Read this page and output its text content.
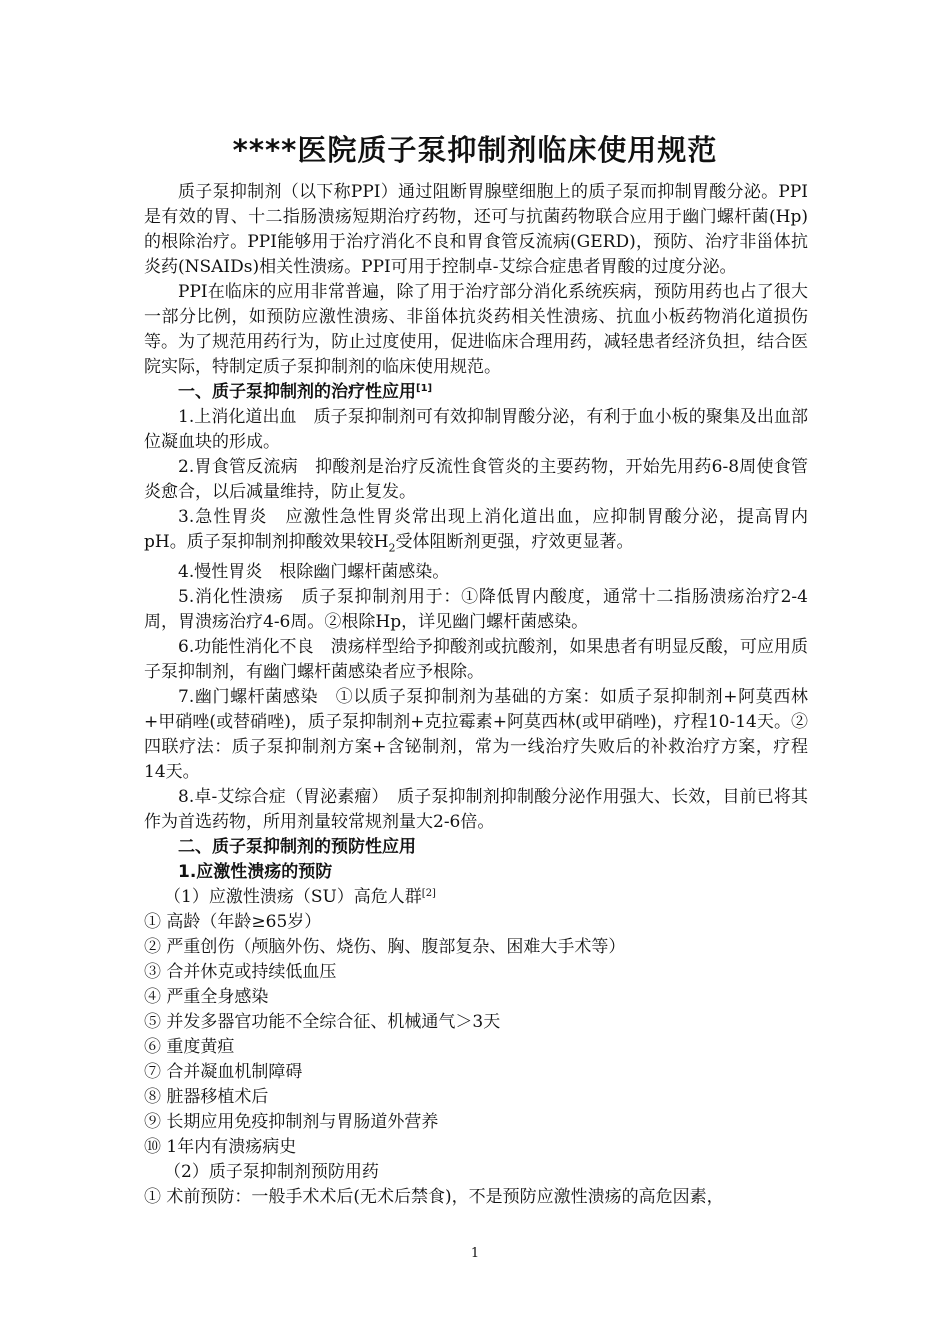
****医院质子泵抑制剂临床使用规范

质子泵抑制剂（以下称PPI）通过阻断胃腺壁细胞上的质子泵而抑制胃酸分泌。PPI是有效的胃、十二指肠溃疡短期治疗药物，还可与抗菌药物联合应用于幽门螺杆菌(Hp)的根除治疗。PPI能够用于治疗消化不良和胃食管反流病(GERD)，预防、治疗非甾体抗炎药(NSAIDs)相关性溃疡。PPI可用于控制卓-艾综合症患者胃酸的过度分泌。

PPI在临床的应用非常普遍，除了用于治疗部分消化系统疾病，预防用药也占了很大一部分比例，如预防应激性溃疡、非甾体抗炎药相关性溃疡、抗血小板药物消化道损伤等。为了规范用药行为，防止过度使用，促进临床合理用药，减轻患者经济负担，结合医院实际，特制定质子泵抑制剂的临床使用规范。

一、质子泵抑制剂的治疗性应用[1]

1.上消化道出血　质子泵抑制剂可有效抑制胃酸分泌，有利于血小板的聚集及出血部位凝血块的形成。

2.胃食管反流病　抑酸剂是治疗反流性食管炎的主要药物，开始先用药6-8周使食管炎愈合，以后减量维持，防止复发。

3.急性胃炎　应激性急性胃炎常出现上消化道出血，应抑制胃酸分泌，提高胃内pH。质子泵抑制剂抑酸效果较$H_2$受体阻断剂更强，疗效更显著。

4.慢性胃炎　根除幽门螺杆菌感染。

5.消化性溃疡　质子泵抑制剂用于：①降低胃内酸度，通常十二指肠溃疡治疗2-4周，胃溃疡治疗4-6周。②根除Hp，详见幽门螺杆菌感染。

6.功能性消化不良　溃疡样型给予抑酸剂或抗酸剂，如果患者有明显反酸，可应用质子泵抑制剂，有幽门螺杆菌感染者应予根除。

7.幽门螺杆菌感染　①以质子泵抑制剂为基础的方案：如质子泵抑制剂+阿莫西林+甲硝唑(或替硝唑)，质子泵抑制剂+克拉霉素+阿莫西林(或甲硝唑)，疗程10-14天。②四联疗法：质子泵抑制剂方案+含铋制剂，常为一线治疗失败后的补救治疗方案，疗程14天。

8.卓-艾综合症（胃泌素瘤）　质子泵抑制剂抑制酸分泌作用强大、长效，目前已将其作为首选药物，所用剂量较常规剂量大2-6倍。

二、质子泵抑制剂的预防性应用

1.应激性溃疡的预防

（1）应激性溃疡（SU）高危人群[2]

① 高龄（年龄≥65岁）

② 严重创伤（颅脑外伤、烧伤、胸、腹部复杂、困难大手术等）

③ 合并休克或持续低血压

④ 严重全身感染

⑤ 并发多器官功能不全综合征、机械通气＞3天

⑥ 重度黄疸

⑦ 合并凝血机制障碍

⑧ 脏器移植术后

⑨ 长期应用免疫抑制剂与胃肠道外营养

⑩ 1年内有溃疡病史

（2）质子泵抑制剂预防用药

① 术前预防：一般手术术后(无术后禁食)，不是预防应激性溃疡的高危因素，

1
